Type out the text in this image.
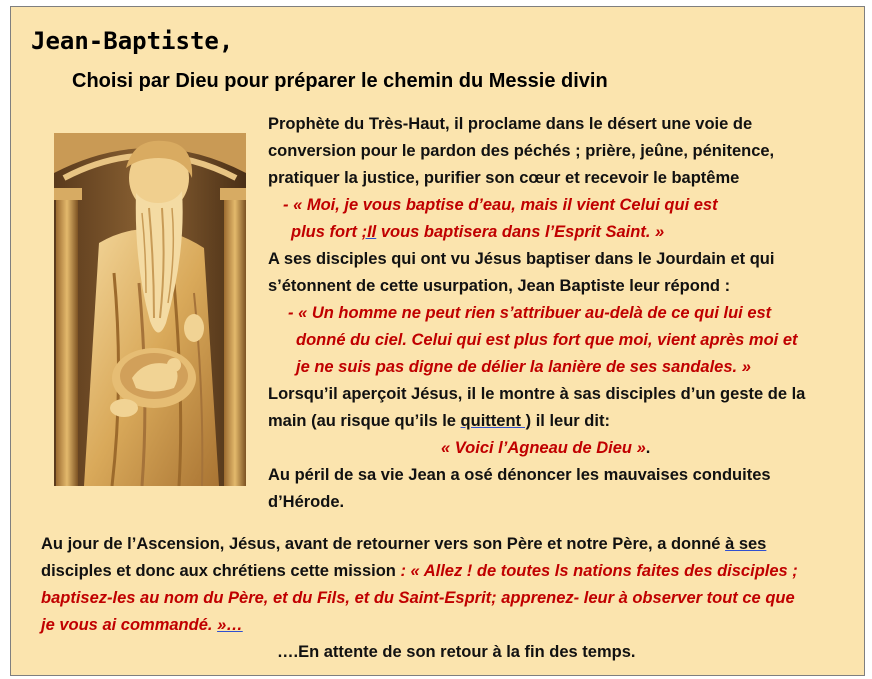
Jean-Baptiste,
Choisi par Dieu pour préparer le chemin du Messie divin
Prophète du Très-Haut, il proclame dans le désert une voie de
conversion pour le pardon des péchés ; prière, jeûne, pénitence,
pratiquer la justice, purifier son cœur et recevoir le baptême
- « Moi, je vous baptise d’eau, mais il vient Celui qui est
plus fort ;Il vous baptisera dans l’Esprit Saint. »
A ses disciples qui ont vu Jésus baptiser dans le Jourdain et qui
s’étonnent de cette usurpation, Jean Baptiste leur répond :
- « Un homme ne peut rien s’attribuer au-delà de ce qui lui est
donné du ciel. Celui qui est plus fort que moi, vient après moi et
je ne suis pas digne de délier la lanière de ses sandales. »
Lorsqu’il aperçoit Jésus, il le montre à sas disciples d’un geste de la
main (au risque qu’ils le quittent ) il leur dit:
« Voici l’Agneau de Dieu ».
Au péril de sa vie Jean a osé dénoncer les mauvaises conduites
d’Hérode.
Au jour de l’Ascension, Jésus, avant de retourner vers son Père et notre Père, a donné à ses
disciples et donc aux chrétiens cette mission : « Allez ! de toutes ls nations faites des disciples ;
baptisez-les au nom du Père, et du Fils, et du Saint-Esprit; apprenez- leur à observer tout ce que
je vous ai commandé. »…
….En attente de son retour à la fin des temps.
